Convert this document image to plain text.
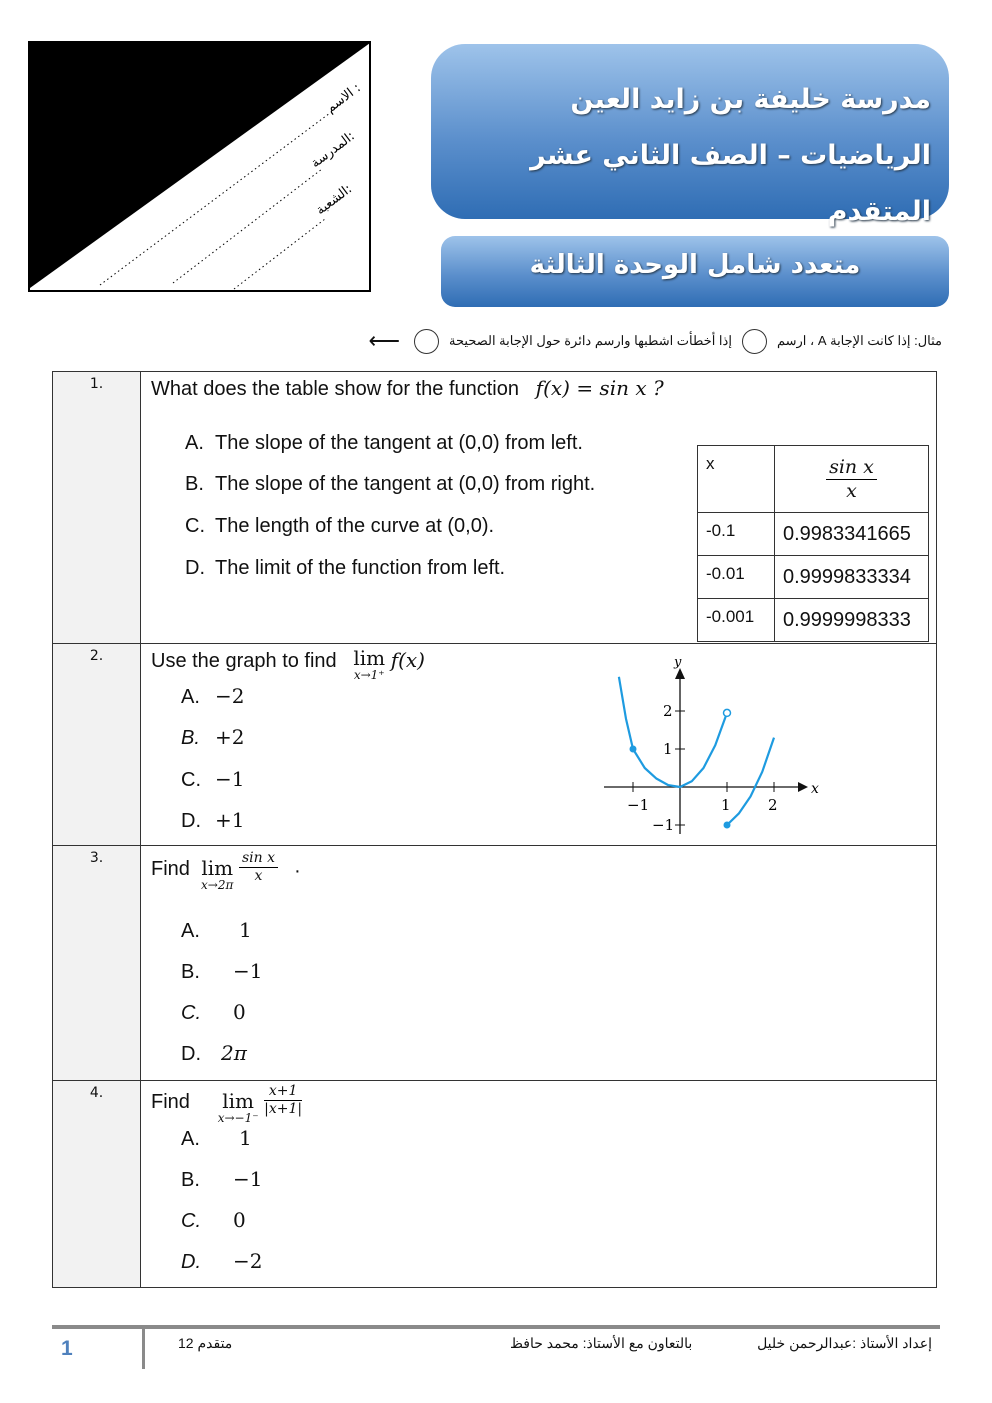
الاسم :
المدرسة:
الشعبة:
مدرسة خليفة بن زايد العين
الرياضيات – الصف الثاني عشر المتقدم
متعدد شامل الوحدة الثالثة
مثال: إذا كانت الإجابة A ، ارسم
إذا أخطأت اشطبها وارسم دائرة حول الإجابة الصحيحة
⟵
1.	What does the table show for the function f(x) = sin x ?
A. The slope of the tangent at (0,0) from left.
B. The slope of the tangent at (0,0) from right.
C. The length of the curve at (0,0).
D. The limit of the function from left.
x	$\frac{\text{sin x}}{x}$
-0.1	0.9983341665
-0.01	0.9999833334
-0.001	0.9999998333

2.	Use the graph to find lim
x→1⁺
f(x)
A. −2
B. +2
C. −1
D. +1
x
y
−1	1 2
2
1
−1

3.	Find lim
x→2π

$\frac{\text{sin x}}{x}$ .
A. 1
B. −1
C. 0
D. 2π

4.	Find lim
x→−1⁻

$\frac{x+1}{|x+1|}$
A. 1
B. −1
C. 0
D. −2
1	12 متقدم	بالتعاون مع الأستاذ: محمد حافظ	إعداد الأستاذ :عبدالرحمن خليل
